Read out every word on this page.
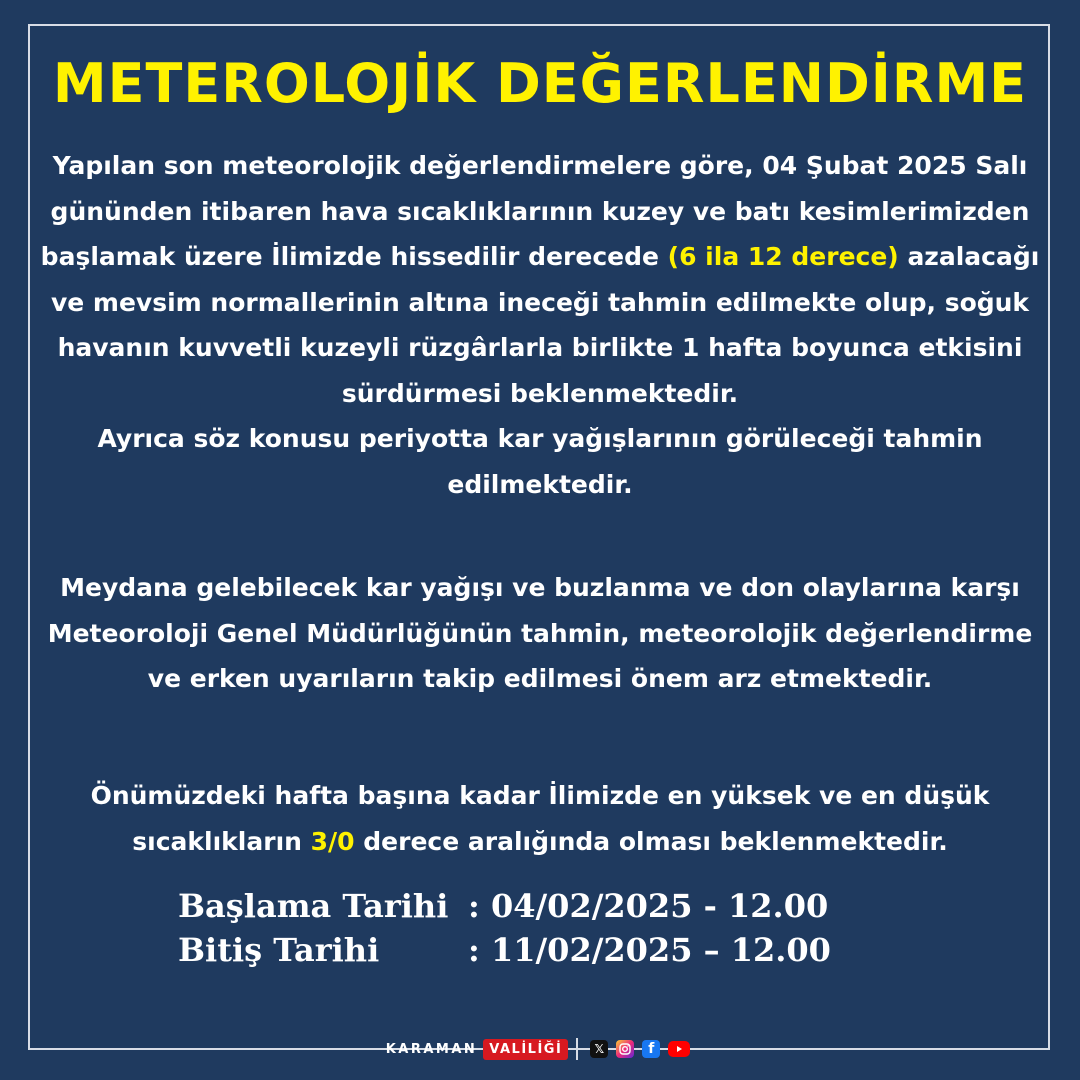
METEROLOJİK DEĞERLENDİRME
Yapılan son meteorolojik değerlendirmelere göre, 04 Şubat 2025 Salı gününden itibaren hava sıcaklıklarının kuzey ve batı kesimlerimizden başlamak üzere İlimizde hissedilir derecede (6 ila 12 derece) azalacağı ve mevsim normallerinin altına ineceği tahmin edilmekte olup, soğuk havanın kuvvetli kuzeyli rüzgârlarla birlikte 1 hafta boyunca etkisini sürdürmesi beklenmektedir.
Ayrıca söz konusu periyotta kar yağışlarının görüleceği tahmin edilmektedir.
Meydana gelebilecek kar yağışı ve buzlanma ve don olaylarına karşı Meteoroloji Genel Müdürlüğünün tahmin, meteorolojik değerlendirme ve erken uyarıların takip edilmesi önem arz etmektedir.
Önümüzdeki hafta başına kadar İlimizde en yüksek ve en düşük sıcaklıkların 3/0 derece aralığında olması beklenmektedir.
Başlama Tarihi : 04/02/2025 - 12.00
Bitiş Tarihi	: 11/02/2025 – 12.00
KARAMAN VALİLİĞİ	𝕏	f
